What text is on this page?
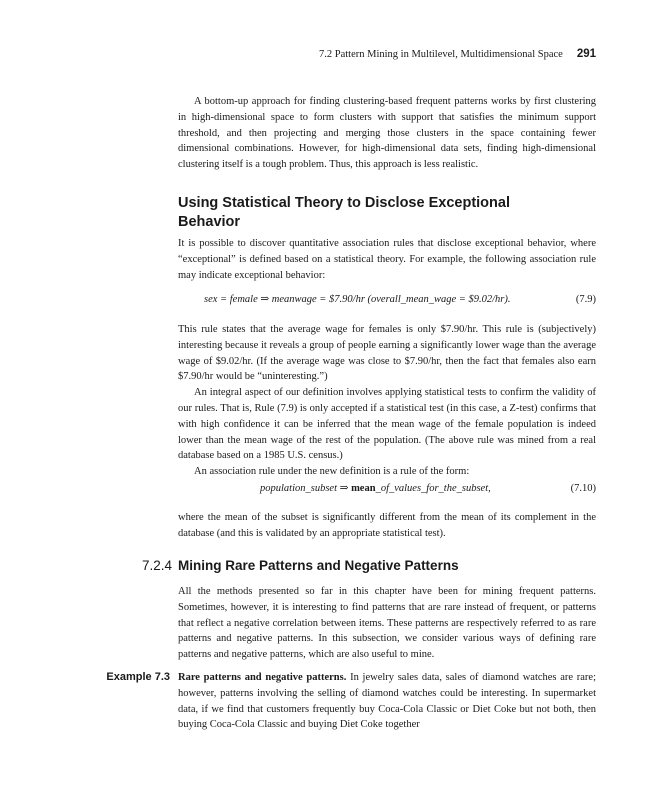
7.2 Pattern Mining in Multilevel, Multidimensional Space 291

A bottom-up approach for finding clustering-based frequent patterns works by first clustering in high-dimensional space to form clusters with support that satisfies the minimum support threshold, and then projecting and merging those clusters in the space containing fewer dimensional combinations. However, for high-dimensional data sets, finding high-dimensional clustering itself is a tough problem. Thus, this approach is less realistic.

Using Statistical Theory to Disclose Exceptional Behavior

It is possible to discover quantitative association rules that disclose exceptional behavior, where “exceptional” is defined based on a statistical theory. For example, the following association rule may indicate exceptional behavior:

sex = female ⇒ meanwage = $7.90/hr (overall_mean_wage = $9.02/hr).	(7.9)

This rule states that the average wage for females is only $7.90/hr. This rule is (subjectively) interesting because it reveals a group of people earning a significantly lower wage than the average wage of $9.02/hr. (If the average wage was close to $7.90/hr, then the fact that females also earn $7.90/hr would be “uninteresting.”)

An integral aspect of our definition involves applying statistical tests to confirm the validity of our rules. That is, Rule (7.9) is only accepted if a statistical test (in this case, a Z-test) confirms that with high confidence it can be inferred that the mean wage of the female population is indeed lower than the mean wage of the rest of the population. (The above rule was mined from a real database based on a 1985 U.S. census.)

An association rule under the new definition is a rule of the form:

population_subset ⇒ mean_of_values_for_the_subset,	(7.10)

where the mean of the subset is significantly different from the mean of its complement in the database (and this is validated by an appropriate statistical test).

7.2.4 Mining Rare Patterns and Negative Patterns

All the methods presented so far in this chapter have been for mining frequent patterns. Sometimes, however, it is interesting to find patterns that are rare instead of frequent, or patterns that reflect a negative correlation between items. These patterns are respectively referred to as rare patterns and negative patterns. In this subsection, we consider various ways of defining rare patterns and negative patterns, which are also useful to mine.

Example 7.3 Rare patterns and negative patterns. In jewelry sales data, sales of diamond watches are rare; however, patterns involving the selling of diamond watches could be interesting. In supermarket data, if we find that customers frequently buy Coca-Cola Classic or Diet Coke but not both, then buying Coca-Cola Classic and buying Diet Coke together
